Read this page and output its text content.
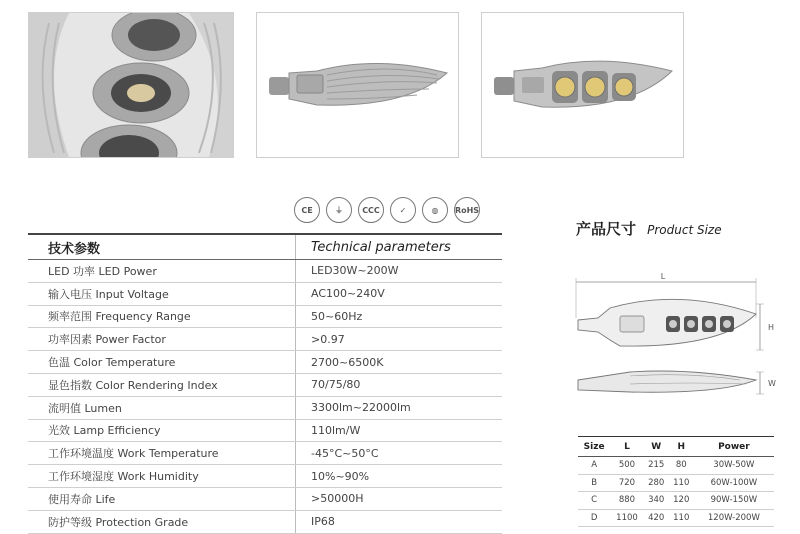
CE	⏚	CCC	✓	◍	RoHS
技术参数	Technical parameters
LED 功率 LED Power	LED30W~200W
输入电压 Input Voltage	AC100~240V
频率范围 Frequency Range	50~60Hz
功率因素 Power Factor	>0.97
色温 Color Temperature	2700~6500K
显色指数 Color Rendering Index	70/75/80
流明值 Lumen	3300lm~22000lm
光效 Lamp Efficiency	110lm/W
工作环境温度 Work Temperature	-45°C~50°C
工作环境湿度 Work Humidity	10%~90%
使用寿命 Life	>50000H
防护等级 Protection Grade	IP68
产品尺寸 Product Size
L
H
W
Size	L	W	H	Power
A	500	215	80	30W-50W
B	720	280	110	60W-100W
C	880	340	120	90W-150W
D	1100	420	110	120W-200W
